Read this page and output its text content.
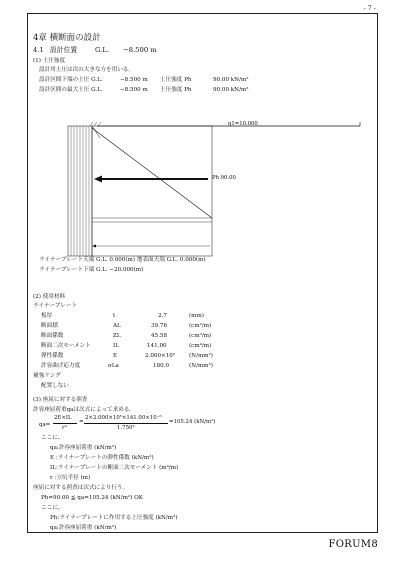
- 7 -
4章 横断面の設計
4.1 設計位置	G.L. −8.500 m
(1) 土圧強度
設計用土圧は次の大きな方を用いる。
設計区間下端の土圧 G.L.	−8.500 m 土圧強度 Ph	90.00 kN/m²
設計区間の最大土圧 G.L.	−8.500 m 土圧強度 Ph	90.00 kN/m²
q1=10.000
Ph 90.00
ライナープレート天端 G.L. 0.000(m) 地表面天端 G.L. 0.000(m)
ライナープレート下端 G.L. −20.000(m)
(2) 使用材料
ライナープレート
板厚	t	2.7	(mm)
断面積	AL	39.76	(cm²/m)
断面係数	ZL	45.58	(cm³/m)
断面二次モーメント	IL	141.00	(cm⁴/m)
弾性係数	E	2.000×10⁵ (N/mm²)
許容曲げ応力度	σLa	180.0	(N/mm²)
補強リング
配置しない
(3) 座屈に対する照査
許容座屈荷重qaは次式によって求める。
qa=
2E×IL
r³
=
2×2.000×10⁵×141.00×10⁻⁶
1.750³
=105.24 (kN/m²)
ここに、
qa:許容座屈荷重 (kN/m²)
E :ライナープレートの弾性係数 (kN/m²)
IL:ライナープレートの断面二次モーメント (m⁴/m)
r :立坑半径 (m)
座屈に対する照査は次式により行う。
Ph=90.00 ≦ qa=105.24 (kN/m²) OK
ここに、
Ph:ライナープレートに作用する土圧強度 (kN/m²)
qa:許容座屈荷重 (kN/m²)
FORUM8
